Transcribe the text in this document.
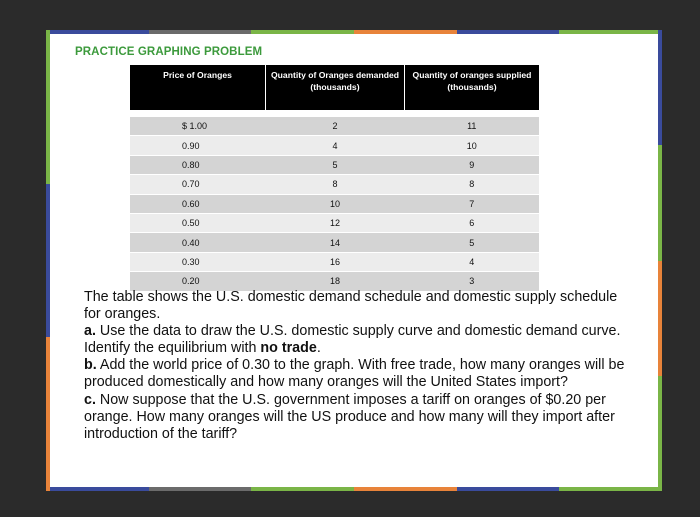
PRACTICE GRAPHING PROBLEM
Price of Oranges	Quantity of Oranges demanded (thousands)	Quantity of oranges supplied (thousands)

$ 1.00	2	11
0.90	4	10
0.80	5	9
0.70	8	8
0.60	10	7
0.50	12	6
0.40	14	5
0.30	16	4
0.20	18	3

The table shows the U.S. domestic demand schedule and domestic supply schedule for oranges.

a. Use the data to draw the U.S. domestic supply curve and domestic demand curve. Identify the equilibrium with no trade.

b. Add the world price of 0.30 to the graph. With free trade, how many oranges will be produced domestically and how many oranges will the United States import?

c. Now suppose that the U.S. government imposes a tariff on oranges of $0.20 per orange. How many oranges will the US produce and how many will they import after introduction of the tariff?
